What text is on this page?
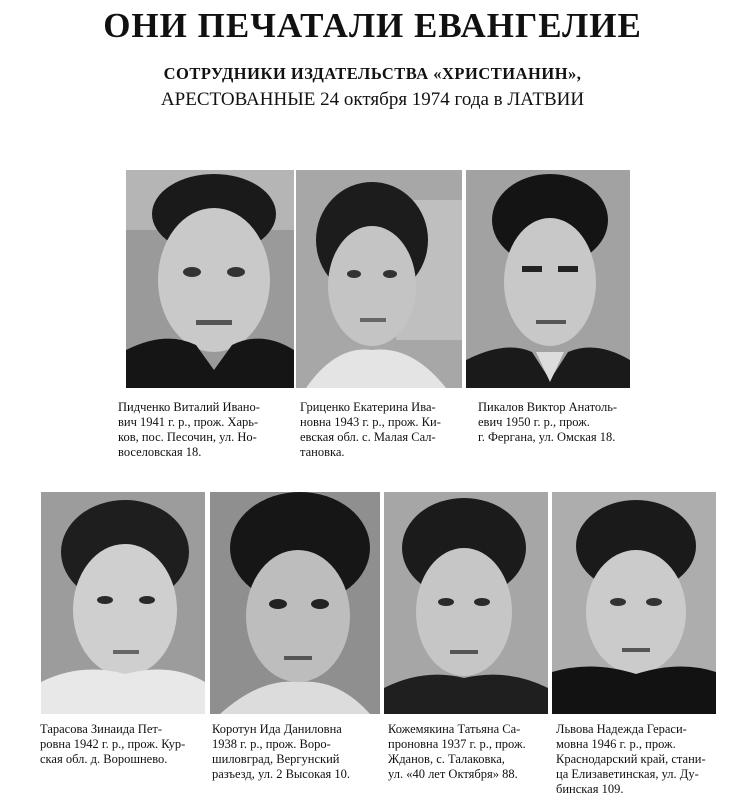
ОНИ ПЕЧАТАЛИ ЕВАНГЕЛИЕ
СОТРУДНИКИ ИЗДАТЕЛЬСТВА «ХРИСТИАНИН»,
АРЕСТОВАННЫЕ 24 октября 1974 года в ЛАТВИИ
Пидченко Виталий Ивано-
вич 1941 г. р., прож. Харь-
ков, пос. Песочин, ул. Но-
воселовская 18.
Гриценко Екатерина Ива-
новна 1943 г. р., прож. Ки-
евская обл. с. Малая Сал-
тановка.
Пикалов Виктор Анатоль-
евич 1950 г. р., прож.
г. Фергана, ул. Омская 18.
Тарасова Зинаида Пет-
ровна 1942 г. р., прож. Кур-
ская обл. д. Ворошнево.
Коротун Ида Даниловна
1938 г. р., прож. Воро-
шиловград, Вергунский
разъезд, ул. 2 Высокая 10.
Кожемякина Татьяна Са-
проновна 1937 г. р., прож.
Жданов, с. Талаковка,
ул. «40 лет Октября» 88.
Львова Надежда Гераси-
мовна 1946 г. р., прож.
Краснодарский край, стани-
ца Елизаветинская, ул. Ду-
бинская 109.
